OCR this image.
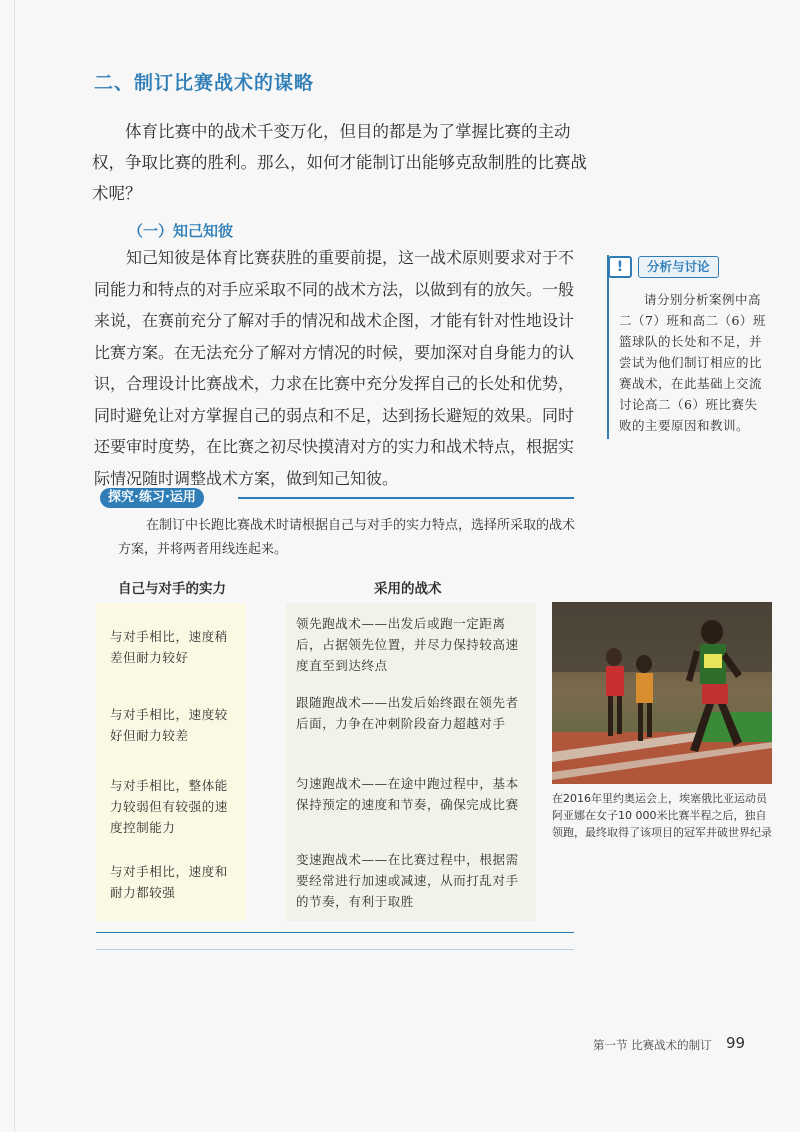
二、制订比赛战术的谋略
体育比赛中的战术千变万化，但目的都是为了掌握比赛的主动权，争取比赛的胜利。那么，如何才能制订出能够克敌制胜的比赛战术呢？
（一）知己知彼
知己知彼是体育比赛获胜的重要前提，这一战术原则要求对于不同能力和特点的对手应采取不同的战术方法，以做到有的放矢。一般来说，在赛前充分了解对手的情况和战术企图，才能有针对性地设计比赛方案。在无法充分了解对方情况的时候，要加深对自身能力的认识，合理设计比赛战术，力求在比赛中充分发挥自己的长处和优势，同时避免让对方掌握自己的弱点和不足，达到扬长避短的效果。同时还要审时度势，在比赛之初尽快摸清对方的实力和战术特点，根据实际情况随时调整战术方案，做到知己知彼。
!	分析与讨论
请分别分析案例中高二（7）班和高二（6）班篮球队的长处和不足，并尝试为他们制订相应的比赛战术，在此基础上交流讨论高二（6）班比赛失败的主要原因和教训。
探究·练习·运用
在制订中长跑比赛战术时请根据自己与对手的实力特点，选择所采取的战术方案，并将两者用线连起来。
自己与对手的实力	采用的战术
与对手相比，速度稍差但耐力较好
与对手相比，速度较好但耐力较差
与对手相比，整体能力较弱但有较强的速度控制能力
与对手相比，速度和耐力都较强
领先跑战术——出发后或跑一定距离后，占据领先位置，并尽力保持较高速度直至到达终点
跟随跑战术——出发后始终跟在领先者后面，力争在冲刺阶段奋力超越对手
匀速跑战术——在途中跑过程中，基本保持预定的速度和节奏，确保完成比赛
变速跑战术——在比赛过程中，根据需要经常进行加速或减速，从而打乱对手的节奏，有利于取胜
在2016年里约奥运会上，埃塞俄比亚运动员阿亚娜在女子10 000米比赛半程之后，独自领跑，最终取得了该项目的冠军并破世界纪录
第一节 比赛战术的制订 99
